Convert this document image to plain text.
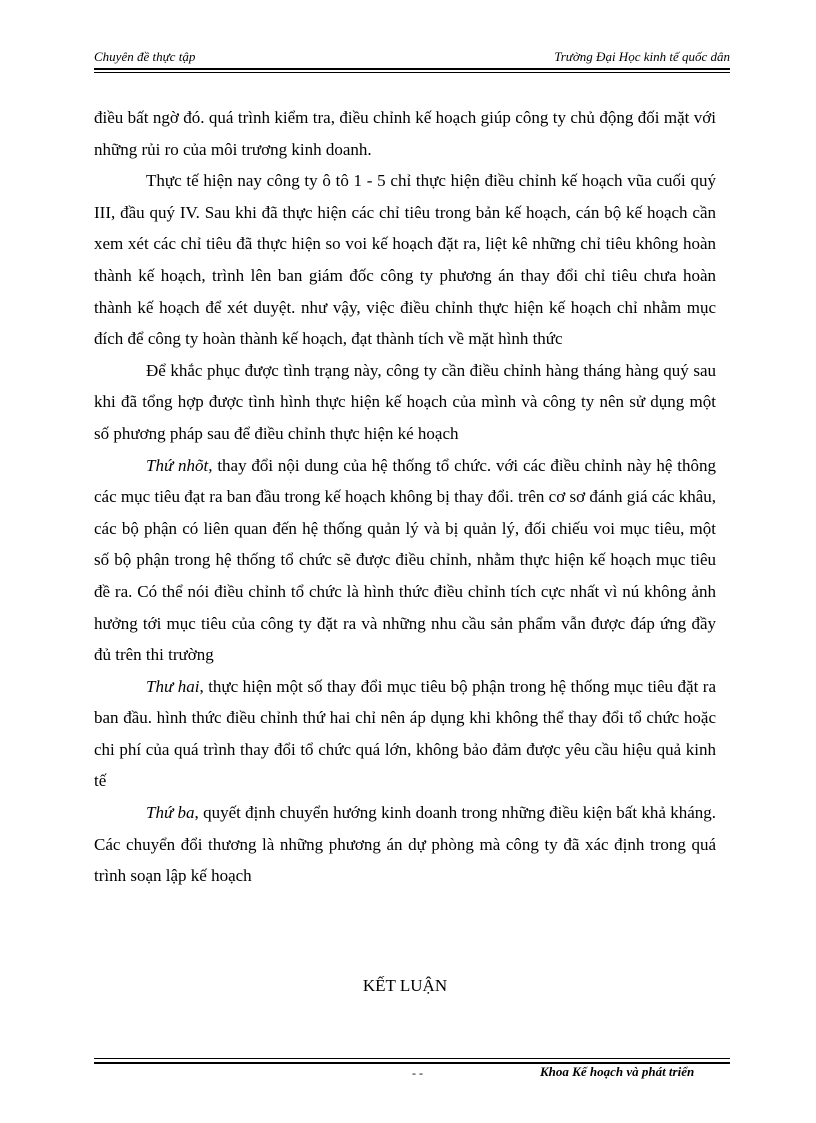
Chuyên đề thực tập	Trường Đại Học kinh tế quốc dân

điều bất ngờ đó. quá trình kiểm tra, điều chỉnh kế hoạch giúp công ty chủ động đối mặt với những rủi ro của môi trương kinh doanh.

Thực tế hiện nay công ty ô tô 1 - 5 chỉ thực hiện điều chỉnh kế hoạch vũa cuối quý III, đầu quý IV. Sau khi đã thực hiện các chỉ tiêu trong bản kế hoạch, cán bộ kế hoạch cần xem xét các chỉ tiêu đã thực hiện so voi kế hoạch đặt ra, liệt kê những chỉ tiêu không hoàn thành kế hoạch, trình lên ban giám đốc công ty phương án thay đổi chỉ tiêu chưa hoàn thành kế hoạch để xét duyệt. như vậy, việc điều chỉnh thực hiện kế hoạch chỉ nhằm mục đích để công ty hoàn thành kế hoạch, đạt thành tích về mặt hình thức

Để khắc phục được tình trạng này, công ty cần điều chỉnh hàng tháng hàng quý sau khi đã tổng hợp được tình hình thực hiện kế hoạch của mình và công ty nên sử dụng một số phương pháp sau để điều chỉnh thực hiện ké hoạch

Thứ nhõt, thay đổi nội dung của hệ thống tổ chức. với các điều chỉnh này hệ thông các mục tiêu đạt ra ban đầu trong kế hoạch không bị thay đổi. trên cơ sơ đánh giá các khâu, các bộ phận có liên quan đến hệ thống quản lý và bị quản lý, đối chiếu voi mục tiêu, một số bộ phận trong hệ thống tổ chức sẽ được điều chỉnh, nhằm thực hiện kế hoạch mục tiêu đề ra. Có thể nói điều chỉnh tổ chức là hình thức điều chỉnh tích cực nhất vì nú không ảnh hưởng tới mục tiêu của công ty đặt ra và những nhu cầu sản phẩm vẫn được đáp ứng đầy đủ trên thi trường

Thư hai, thực hiện một số thay đổi mục tiêu bộ phận trong hệ thống mục tiêu đặt ra ban đầu. hình thức điều chỉnh thứ hai chỉ nên áp dụng khi không thể thay đổi tổ chức hoặc chi phí của quá trình thay đổi tổ chức quá lớn, không bảo đảm được yêu cầu hiệu quả kinh tế

Thứ ba, quyết định chuyển hướng kinh doanh trong những điều kiện bất khả kháng. Các chuyển đổi thương là những phương án dự phòng mà công ty đã xác định trong quá trình soạn lập kế hoạch

KẾT LUẬN
- -	Khoa Kế hoạch và phát triển
